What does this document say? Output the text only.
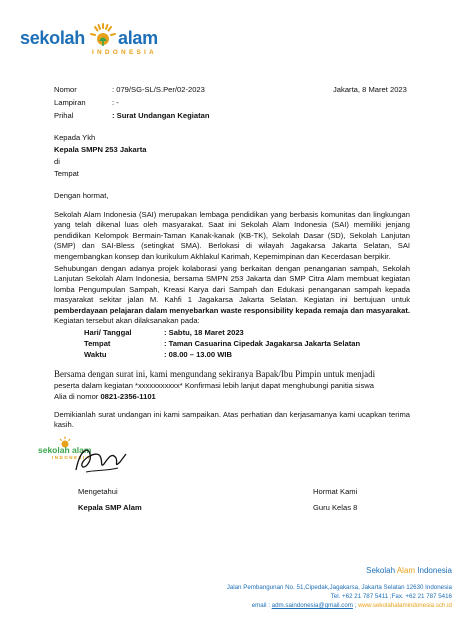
sekolah alam
INDONESIA
Nomor	: 079/SG-SL/S.Per/02-2023	Jakarta, 8 Maret 2023
Lampiran	: -
Prihal	: Surat Undangan Kegiatan
Kepada Ykh
Kepala SMPN 253 Jakarta
di
Tempat
Dengan hormat,
Sekolah Alam Indonesia (SAI) merupakan lembaga pendidikan yang berbasis komunitas dan lingkungan yang telah dikenal luas oleh masyarakat. Saat ini Sekolah Alam Indonesia (SAI) memiliki jenjang pendidikan Kelompok Bermain-Taman Kanak-kanak (KB-TK), Sekolah Dasar (SD), Sekolah Lanjutan (SMP) dan SAI-Bless (setingkat SMA). Berlokasi di wilayah Jagakarsa Jakarta Selatan, SAI mengembangkan konsep dan kurikulum Akhlakul Karimah, Kepemimpinan dan Kecerdasan berpikir.
Sehubungan dengan adanya projek kolaborasi yang berkaitan dengan penanganan sampah, Sekolah Lanjutan Sekolah Alam Indonesia, bersama SMPN 253 Jakarta dan SMP Citra Alam membuat kegiatan lomba Pengumpulan Sampah, Kreasi Karya dari Sampah dan Edukasi penanganan sampah kepada masyarakat sekitar jalan M. Kahfi 1 Jagakarsa Jakarta Selatan. Kegiatan ini bertujuan untuk pemberdayaan pelajaran dalam menyebarkan waste responsibility kepada remaja dan masyarakat. Kegiatan tersebut akan dilaksanakan pada:
Hari/ Tanggal	: Sabtu, 18 Maret 2023
Tempat	: Taman Casuarina Cipedak Jagakarsa Jakarta Selatan
Waktu	: 08.00 – 13.00 WIB
Bersama dengan surat ini, kami mengundang sekiranya Bapak/Ibu Pimpin untuk menjadi
peserta dalam kegiatan *xxxxxxxxxxx* Konfirmasi lebih lanjut dapat menghubungi panitia siswa
Alia di nomor 0821-2356-1101
Demikianlah surat undangan ini kami sampaikan. Atas perhatian dan kerjasamanya kami ucapkan terima kasih.
sekolah alam
INDONESIA
Mengetahui
Kepala SMP Alam
Hormat Kami
Guru Kelas 8
Sekolah Alam Indonesia
Jalan Pembangunan No. 51,Cipedak,Jagakarsa, Jakarta Selatan 12630 Indonesia
Tel. +62 21 787 5411 ;Fax. +62 21 787 5416
email : adm.saindonesia@gmail.com ; www.sekolahalamindonesia.sch.id
